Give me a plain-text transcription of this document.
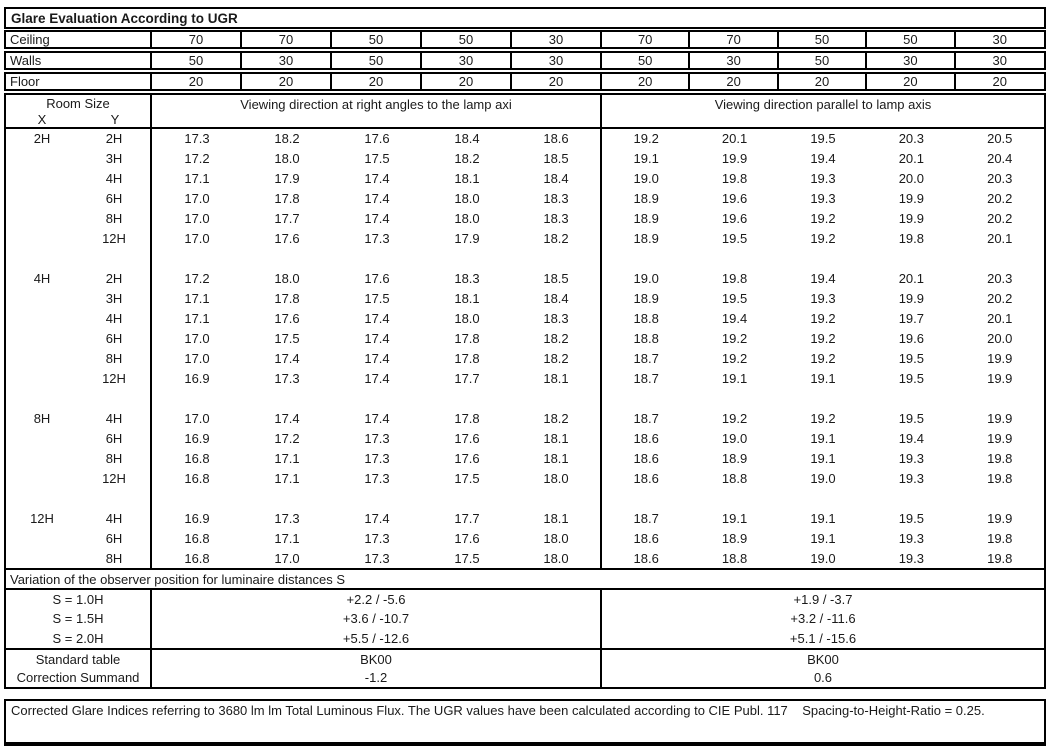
Glare Evaluation According to UGR
Ceiling	70	70	50	50	30	70	70	50	50	30
Walls	50	30	50	30	30	50	30	50	30	30
Floor	20	20	20	20	20	20	20	20	20	20
Room Size
X	Y
Viewing direction at right angles to the lamp axi	Viewing direction parallel to lamp axis
2H	2H	17.3	18.2	17.6	18.4	18.6	19.2	20.1	19.5	20.3	20.5
3H	17.2	18.0	17.5	18.2	18.5	19.1	19.9	19.4	20.1	20.4
4H	17.1	17.9	17.4	18.1	18.4	19.0	19.8	19.3	20.0	20.3
6H	17.0	17.8	17.4	18.0	18.3	18.9	19.6	19.3	19.9	20.2
8H	17.0	17.7	17.4	18.0	18.3	18.9	19.6	19.2	19.9	20.2
12H	17.0	17.6	17.3	17.9	18.2	18.9	19.5	19.2	19.8	20.1
4H	2H	17.2	18.0	17.6	18.3	18.5	19.0	19.8	19.4	20.1	20.3
3H	17.1	17.8	17.5	18.1	18.4	18.9	19.5	19.3	19.9	20.2
4H	17.1	17.6	17.4	18.0	18.3	18.8	19.4	19.2	19.7	20.1
6H	17.0	17.5	17.4	17.8	18.2	18.8	19.2	19.2	19.6	20.0
8H	17.0	17.4	17.4	17.8	18.2	18.7	19.2	19.2	19.5	19.9
12H	16.9	17.3	17.4	17.7	18.1	18.7	19.1	19.1	19.5	19.9
8H	4H	17.0	17.4	17.4	17.8	18.2	18.7	19.2	19.2	19.5	19.9
6H	16.9	17.2	17.3	17.6	18.1	18.6	19.0	19.1	19.4	19.9
8H	16.8	17.1	17.3	17.6	18.1	18.6	18.9	19.1	19.3	19.8
12H	16.8	17.1	17.3	17.5	18.0	18.6	18.8	19.0	19.3	19.8
12H	4H	16.9	17.3	17.4	17.7	18.1	18.7	19.1	19.1	19.5	19.9
6H	16.8	17.1	17.3	17.6	18.0	18.6	18.9	19.1	19.3	19.8
8H	16.8	17.0	17.3	17.5	18.0	18.6	18.8	19.0	19.3	19.8
Variation of the observer position for luminaire distances S
S = 1.0H	+2.2 / -5.6	+1.9 / -3.7
S = 1.5H	+3.6 / -10.7	+3.2 / -11.6
S = 2.0H	+5.5 / -12.6	+5.1 / -15.6
Standard table	BK00	BK00
Correction Summand	-1.2	0.6
Corrected Glare Indices referring to 3680 lm lm Total Luminous Flux. The UGR values have been calculated according to CIE Publ. 117    Spacing-to-Height-Ratio = 0.25.
